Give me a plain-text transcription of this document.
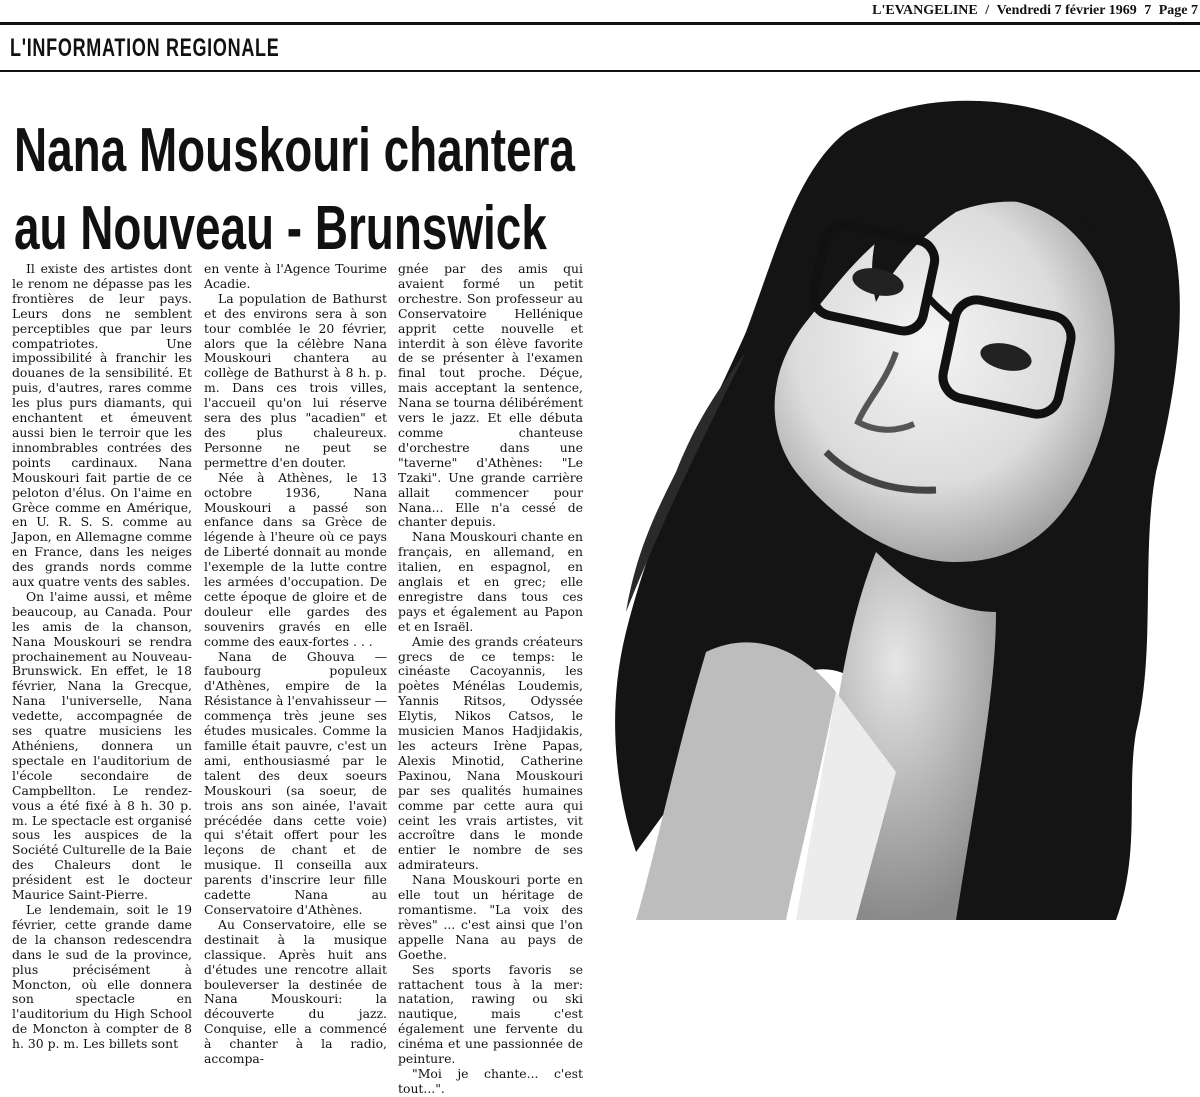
L'EVANGELINE / Vendredi 7 février 1969 7 Page 7
L'INFORMATION REGIONALE
Nana Mouskouri chantera
au Nouveau - Brunswick

Il existe des artistes dont le renom ne dépasse pas les frontières de leur pays. Leurs dons ne semblent perceptibles que par leurs compatriotes. Une impossibilité à franchir les douanes de la sensibilité. Et puis, d'autres, rares comme les plus purs diamants, qui enchantent et émeuvent aussi bien le terroir que les innombrables contrées des points cardinaux. Nana Mouskouri fait partie de ce peloton d'élus. On l'aime en Grèce comme en Amérique, en U. R. S. S. comme au Japon, en Allemagne comme en France, dans les neiges des grands nords comme aux quatre vents des sables.

On l'aime aussi, et même beaucoup, au Canada. Pour les amis de la chanson, Nana Mouskouri se rendra prochainement au Nouveau-Brunswick. En effet, le 18 février, Nana la Grecque, Nana l'universelle, Nana vedette, accompagnée de ses quatre musiciens les Athéniens, donnera un spectale en l'auditorium de l'école secondaire de Campbellton. Le rendez-vous a été fixé à 8 h. 30 p. m. Le spectacle est organisé sous les auspices de la Société Culturelle de la Baie des Chaleurs dont le président est le docteur Maurice Saint-Pierre.

Le lendemain, soit le 19 février, cette grande dame de la chanson redescendra dans le sud de la province, plus précisément à Moncton, où elle donnera son spectacle en l'auditorium du High School de Moncton à compter de 8 h. 30 p. m. Les billets sont

en vente à l'Agence Tourime Acadie.

La population de Bathurst et des environs sera à son tour comblée le 20 février, alors que la célèbre Nana Mouskouri chantera au collège de Bathurst à 8 h. p. m. Dans ces trois villes, l'accueil qu'on lui réserve sera des plus "acadien" et des plus chaleureux. Personne ne peut se permettre d'en douter.

Née à Athènes, le 13 octobre 1936, Nana Mouskouri a passé son enfance dans sa Grèce de légende à l'heure où ce pays de Liberté donnait au monde l'exemple de la lutte contre les armées d'occupation. De cette époque de gloire et de douleur elle gardes des souvenirs gravés en elle comme des eaux-fortes . . .

Nana de Ghouva — faubourg populeux d'Athènes, empire de la Résistance à l'envahisseur — commença très jeune ses études musicales. Comme la famille était pauvre, c'est un ami, enthousiasmé par le talent des deux soeurs Mouskouri (sa soeur, de trois ans son ainée, l'avait précédée dans cette voie) qui s'était offert pour les leçons de chant et de musique. Il conseilla aux parents d'inscrire leur fille cadette Nana au Conservatoire d'Athènes.

Au Conservatoire, elle se destinait à la musique classique. Après huit ans d'études une rencotre allait bouleverser la destinée de Nana Mouskouri: la découverte du jazz. Conquise, elle a commencé à chanter à la radio, accompa-

gnée par des amis qui avaient formé un petit orchestre. Son professeur au Conservatoire Hellénique apprit cette nouvelle et interdit à son élève favorite de se présenter à l'examen final tout proche. Déçue, mais acceptant la sentence, Nana se tourna délibérément vers le jazz. Et elle débuta comme chanteuse d'orchestre dans une "taverne" d'Athènes: "Le Tzaki". Une grande carrière allait commencer pour Nana... Elle n'a cessé de chanter depuis.

Nana Mouskouri chante en français, en allemand, en italien, en espagnol, en anglais et en grec; elle enregistre dans tous ces pays et également au Papon et en Israël.

Amie des grands créateurs grecs de ce temps: le cinéaste Cacoyannis, les poètes Ménélas Loudemis, Yannis Ritsos, Odyssée Elytis, Nikos Catsos, le musicien Manos Hadjidakis, les acteurs Irène Papas, Alexis Minotid, Catherine Paxinou, Nana Mouskouri par ses qualités humaines comme par cette aura qui ceint les vrais artistes, vit accroître dans le monde entier le nombre de ses admirateurs.

Nana Mouskouri porte en elle tout un héritage de romantisme. "La voix des rèves" ... c'est ainsi que l'on appelle Nana au pays de Goethe.

Ses sports favoris se rattachent tous à la mer: natation, rawing ou ski nautique, mais c'est également une fervente du cinéma et une passionnée de peinture.

"Moi je chante... c'est tout...".
